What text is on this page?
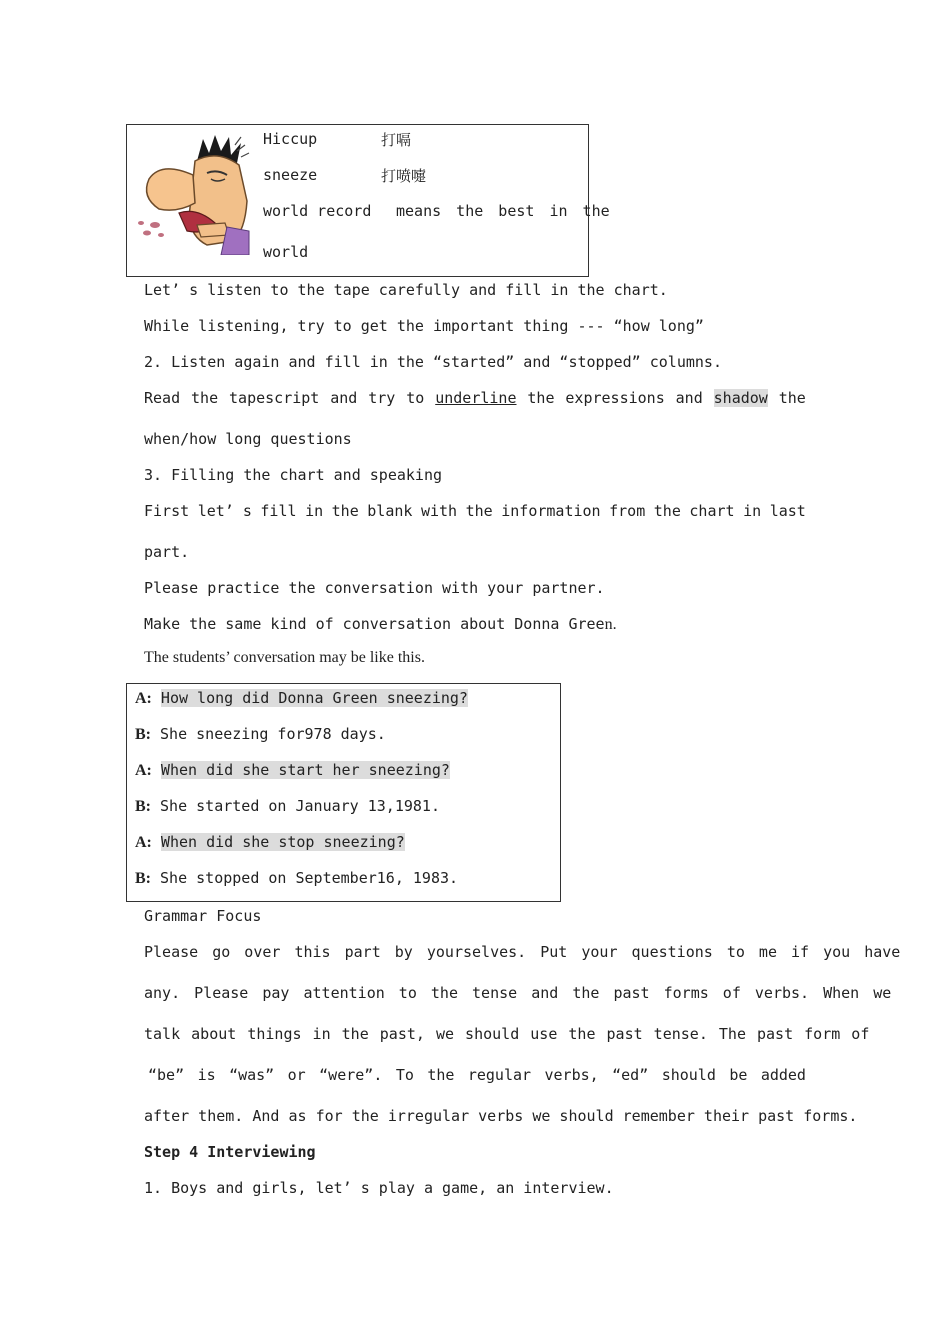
Hiccup	打嗝
sneeze	打喷嚏
world record means the best in the
world
Let’ s listen to the tape carefully and fill in the chart.
While listening, try to get the important thing --- “how long”
2. Listen again and fill in the “started” and “stopped” columns.
Read the tapescript and try to underline the expressions and shadow the
when/how long questions
3. Filling the chart and speaking
First let’ s fill in the blank with the information from the chart in last
part.
Please practice the conversation with your partner.
Make the same kind of conversation about Donna Green.
The students’ conversation may be like this.
A: How long did Donna Green sneezing?
B: She sneezing for978 days.
A: When did she start her sneezing?
B: She started on January 13,1981.
A: When did she stop sneezing?
B: She stopped on September16, 1983.
Grammar Focus
Please go over this part by yourselves. Put your questions to me if you have
any. Please pay attention to the tense and the past forms of verbs. When we
talk about things in the past, we should use the past tense. The past form of
“be” is “was” or “were”. To the regular verbs, “ed” should be added
after them. And as for the irregular verbs we should remember their past forms.
Step 4 Interviewing
1. Boys and girls, let’ s play a game, an interview.
